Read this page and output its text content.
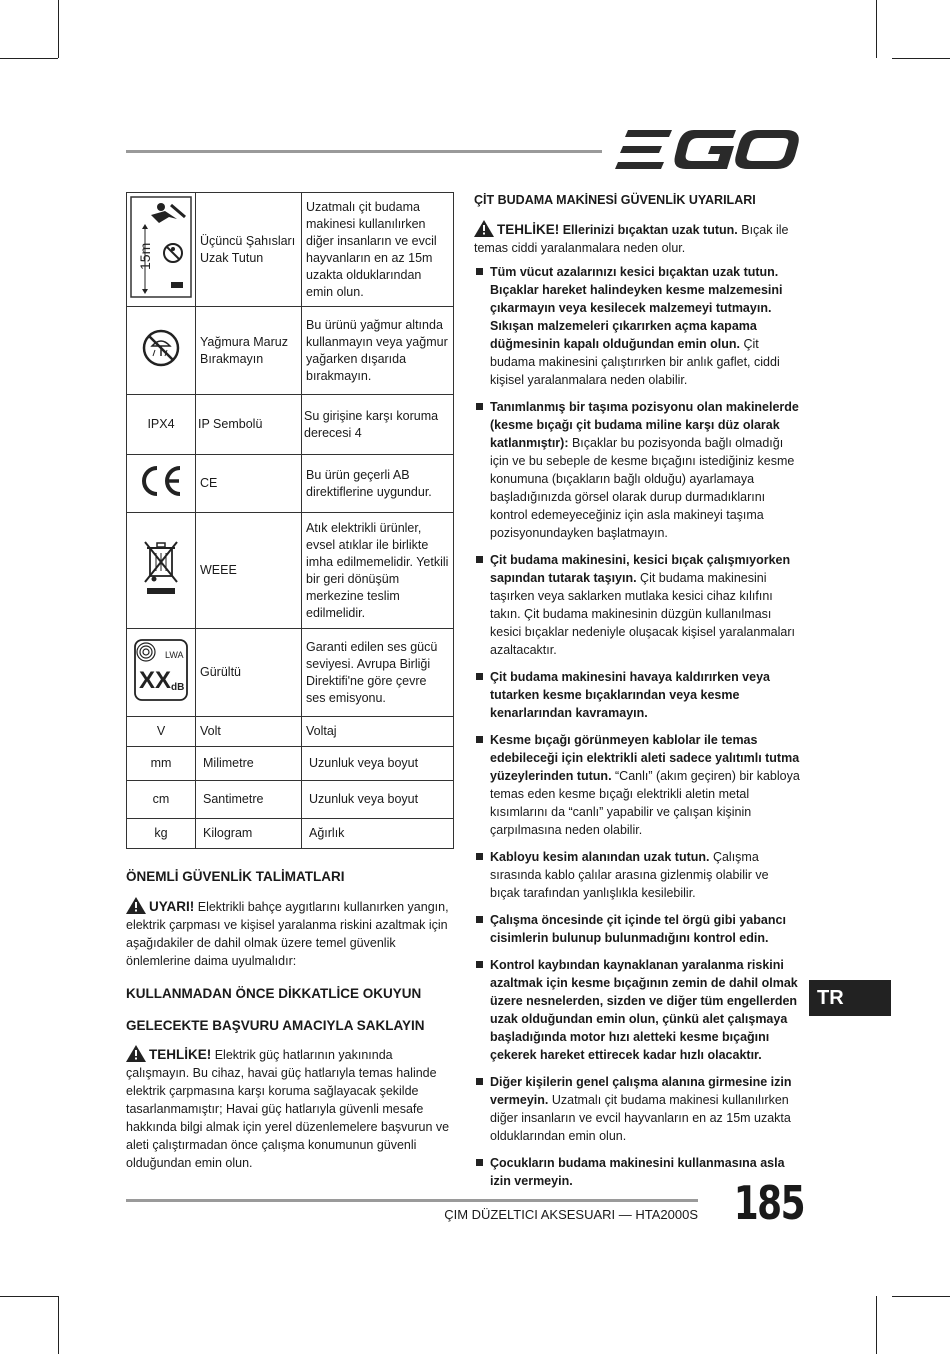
EGO
15m	Üçüncü Şahısları Uzak Tutun	Uzatmalı çit budama makinesi kullanılırken diğer insanların ve evcil hayvanların en az 15m uzakta olduklarından emin olun.
	Yağmura Maruz Bırakmayın	Bu ürünü yağmur altında kullanmayın veya yağmur yağarken dışarıda bırakmayın.
IPX4	IP Sembolü	Su girişine karşı koruma derecesi 4
	CE	Bu ürün geçerli AB direktiflerine uygundur.
	WEEE	Atık elektrikli ürünler, evsel atıklar ile birlikte imha edilmemelidir. Yetkili bir geri dönüşüm merkezine teslim edilmelidir.

LWA
XX dB	Gürültü	Garanti edilen ses gücü seviyesi. Avrupa Birliği Direktifi'ne göre çevre ses emisyonu.
V	Volt	Voltaj
mm	Milimetre	Uzunluk veya boyut
cm	Santimetre	Uzunluk veya boyut
kg	Kilogram	Ağırlık
ÖNEMLİ GÜVENLİK TALİMATLARI
UYARI! Elektrikli bahçe aygıtlarını kullanırken yangın, elektrik çarpması ve kişisel yaralanma riskini azaltmak için aşağıdakiler de dahil olmak üzere temel güvenlik önlemlerine daima uyulmalıdır:
KULLANMADAN ÖNCE DİKKATLİCE OKUYUN
GELECEKTE BAŞVURU AMACIYLA SAKLAYIN
TEHLİKE! Elektrik güç hatlarının yakınında çalışmayın. Bu cihaz, havai güç hatlarıyla temas halinde elektrik çarpmasına karşı koruma sağlayacak şekilde tasarlanmamıştır; Havai güç hatlarıyla güvenli mesafe hakkında bilgi almak için yerel düzenlemelere başvurun ve aleti çalıştırmadan önce çalışma konumunun güvenli olduğundan emin olun.
ÇİT BUDAMA MAKİNESİ GÜVENLİK UYARILARI
TEHLİKE! Ellerinizi bıçaktan uzak tutun. Bıçak ile temas ciddi yaralanmalara neden olur.
Tüm vücut azalarınızı kesici bıçaktan uzak tutun. Bıçaklar hareket halindeyken kesme malzemesini çıkarmayın veya kesilecek malzemeyi tutmayın. Sıkışan malzemeleri çıkarırken açma kapama düğmesinin kapalı olduğundan emin olun. Çit budama makinesini çalıştırırken bir anlık gaflet, ciddi kişisel yaralanmalara neden olabilir.
Tanımlanmış bir taşıma pozisyonu olan makinelerde (kesme bıçağı çit budama miline karşı düz olarak katlanmıştır): Bıçaklar bu pozisyonda bağlı olmadığı için ve bu sebeple de kesme bıçağını istediğiniz kesme konumuna (bıçakların bağlı olduğu) ayarlamaya başladığınızda görsel olarak durup durmadıklarını kontrol edemeyeceğiniz için asla makineyi taşıma pozisyonundayken başlatmayın.
Çit budama makinesini, kesici bıçak çalışmıyorken sapından tutarak taşıyın. Çit budama makinesini taşırken veya saklarken mutlaka kesici cihaz kılıfını takın. Çit budama makinesinin düzgün kullanılması kesici bıçaklar nedeniyle oluşacak kişisel yaralanmaları azaltacaktır.
Çit budama makinesini havaya kaldırırken veya tutarken kesme bıçaklarından veya kesme kenarlarından kavramayın.
Kesme bıçağı görünmeyen kablolar ile temas edebileceği için elektrikli aleti sadece yalıtımlı tutma yüzeylerinden tutun. “Canlı” (akım geçiren) bir kabloya temas eden kesme bıçağı elektrikli aletin metal kısımlarını da “canlı” yapabilir ve çalışan kişinin çarpılmasına neden olabilir.
Kabloyu kesim alanından uzak tutun. Çalışma sırasında kablo çalılar arasına gizlenmiş olabilir ve bıçak tarafından yanlışlıkla kesilebilir.
Çalışma öncesinde çit içinde tel örgü gibi yabancı cisimlerin bulunup bulunmadığını kontrol edin.
Kontrol kaybından kaynaklanan yaralanma riskini azaltmak için kesme bıçağının zemin de dahil olmak üzere nesnelerden, sizden ve diğer tüm engellerden uzak olduğundan emin olun, çünkü alet çalışmaya başladığında motor hızı aletteki kesme bıçağını çekerek hareket ettirecek kadar hızlı olacaktır.
Diğer kişilerin genel çalışma alanına girmesine izin vermeyin. Uzatmalı çit budama makinesi kullanılırken diğer insanların ve evcil hayvanların en az 15m uzakta olduklarından emin olun.
Çocukların budama makinesini kullanmasına asla izin vermeyin.
TR
ÇIM DÜZELTICI AKSESUARI — HTA2000S 185
